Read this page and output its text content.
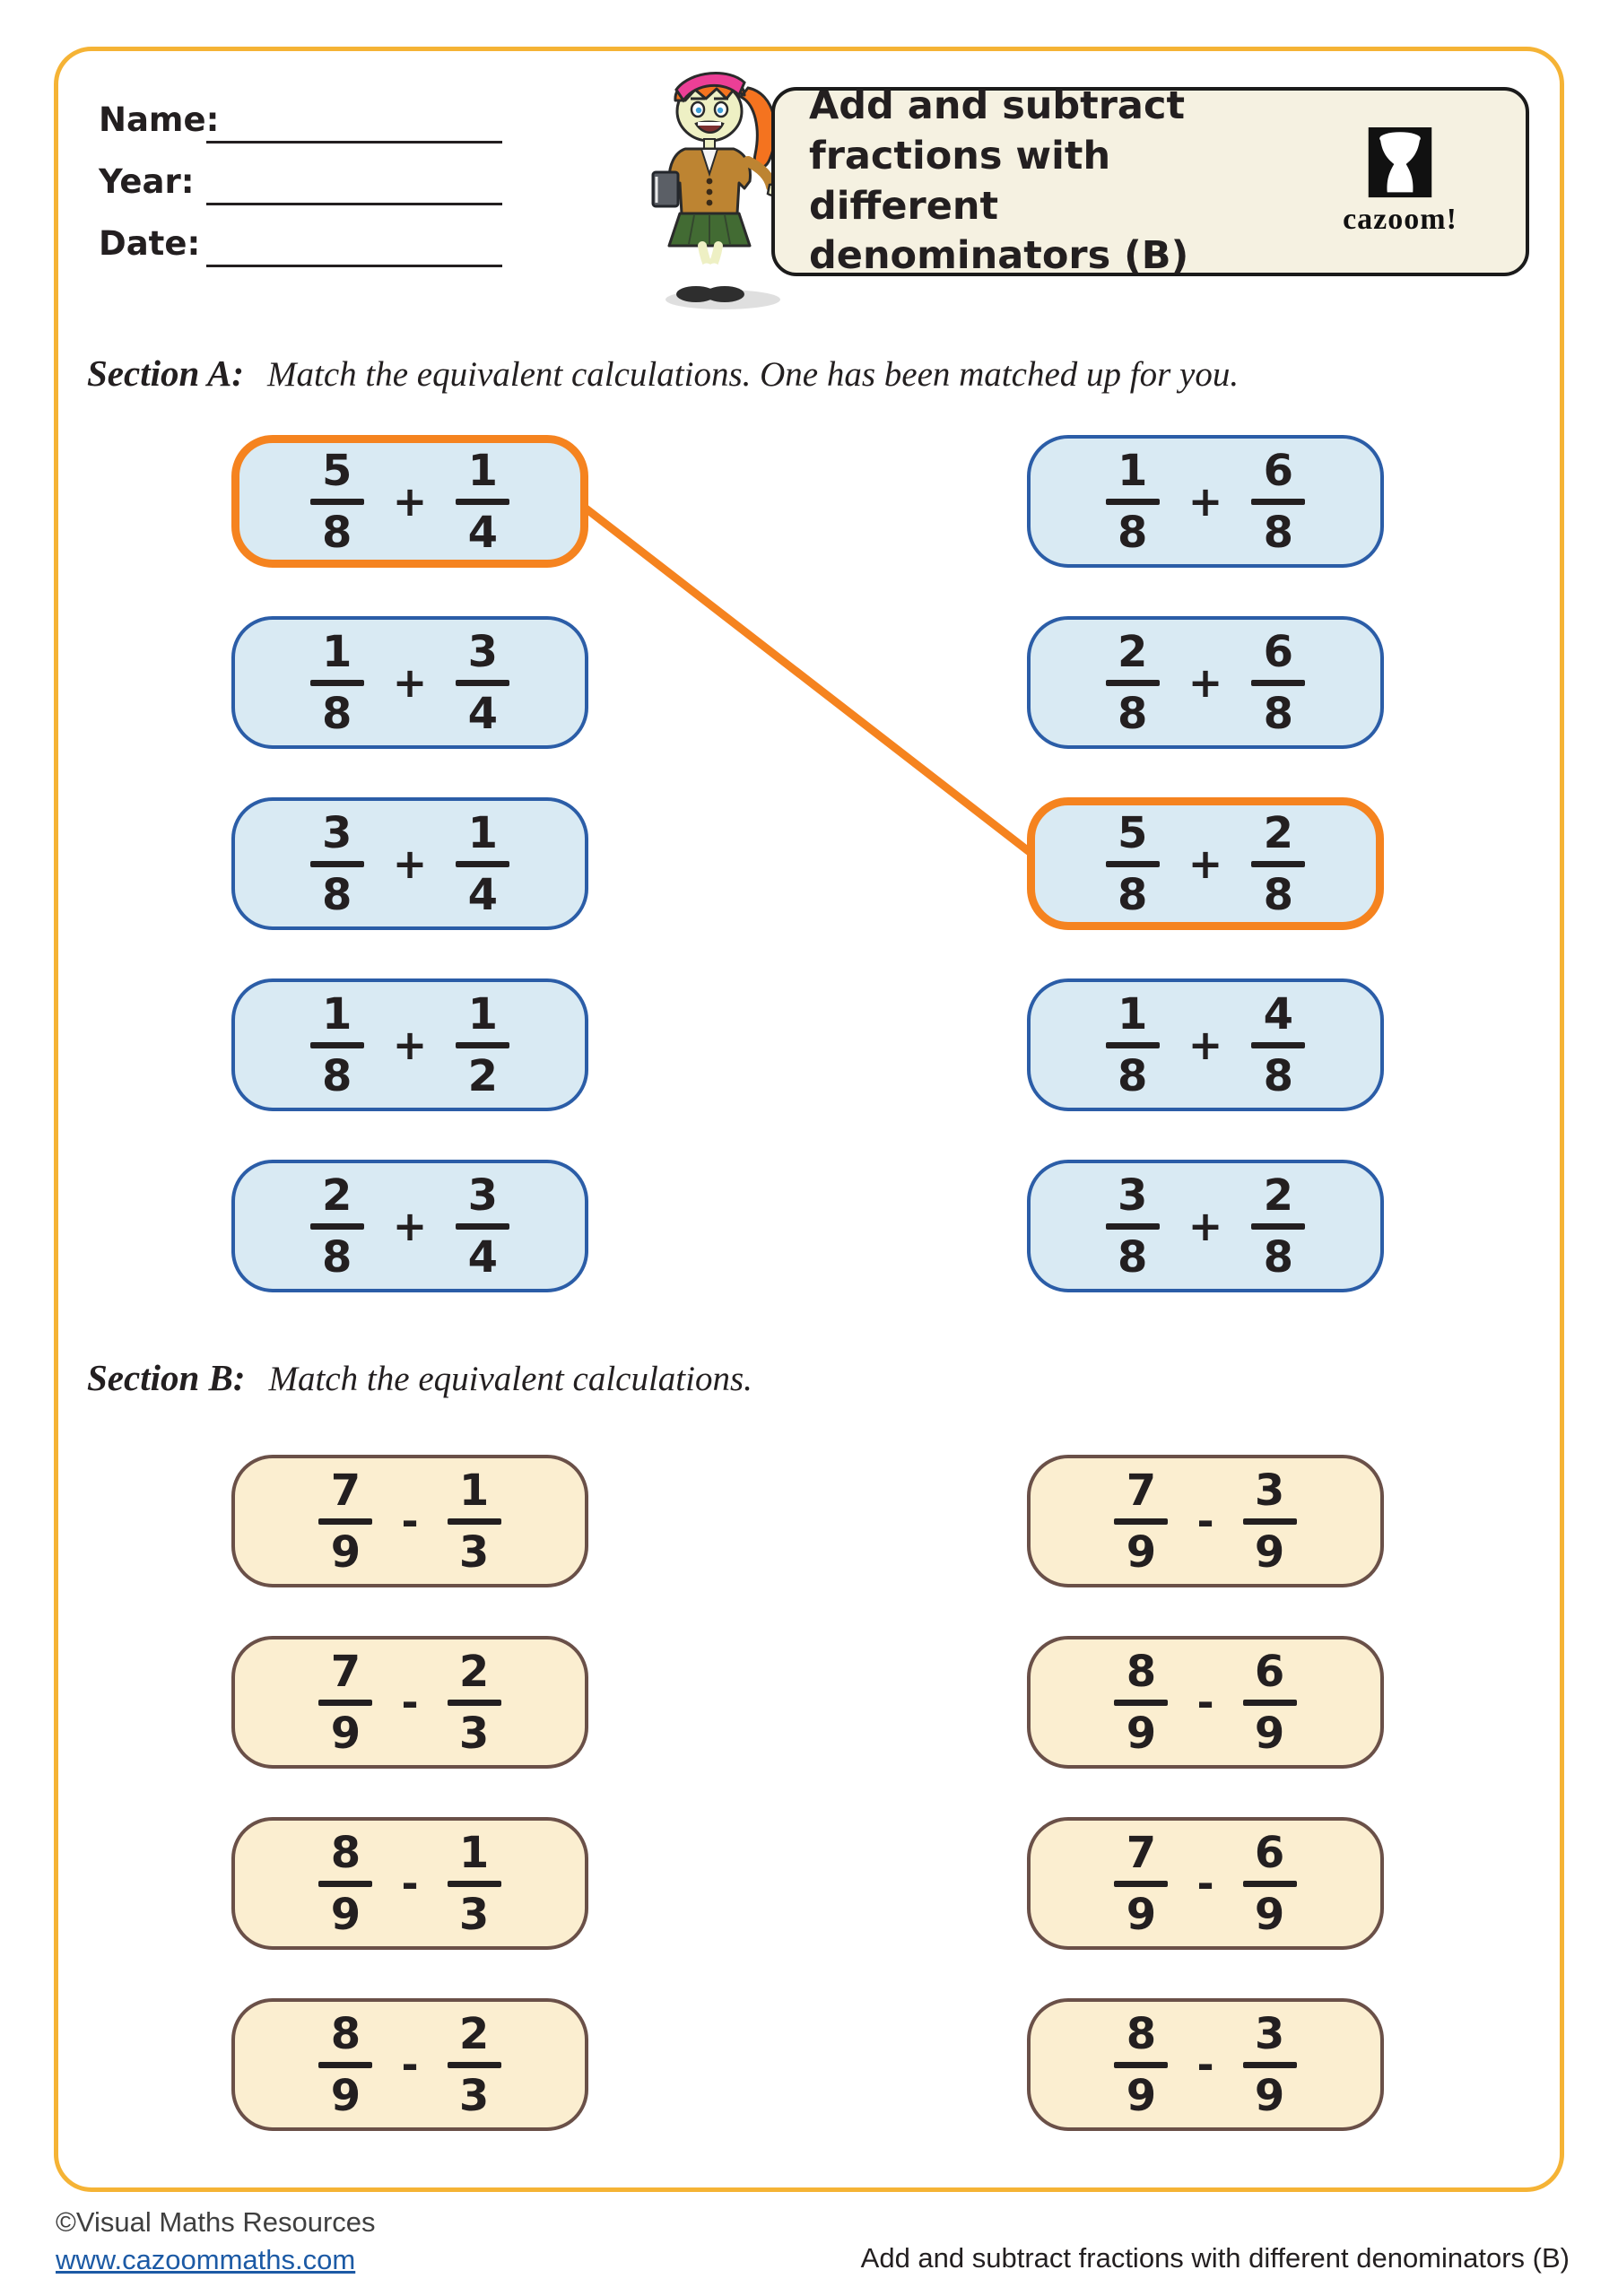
Name:
Year:
Date:
Add and subtract fractions with different denominators (B)
cazoom!
Section A: Match the equivalent calculations. One has been matched up for you.
5
8
+
1
4
1
8
+
3
4
3
8
+
1
4
1
8
+
1
2
2
8
+
3
4
1
8
+
6
8
2
8
+
6
8
5
8
+
2
8
1
8
+
4
8
3
8
+
2
8
Section B: Match the equivalent calculations.
7
9
-
1
3
7
9
-
2
3
8
9
-
1
3
8
9
-
2
3
7
9
-
3
9
8
9
-
6
9
7
9
-
6
9
8
9
-
3
9
©Visual Maths Resources
www.cazoommaths.com	Add and subtract fractions with different denominators (B)
